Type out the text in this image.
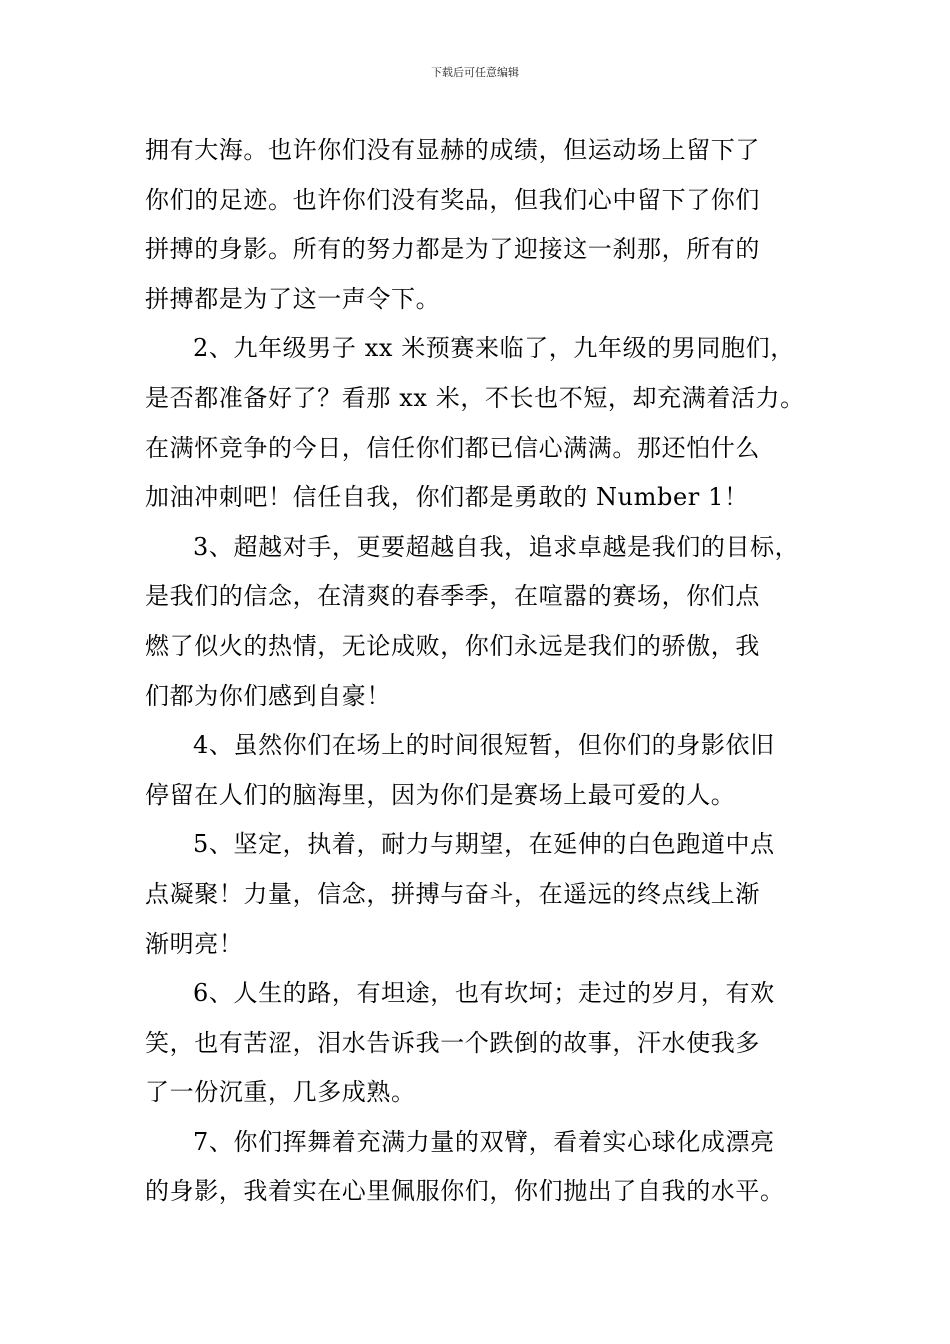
下载后可任意编辑

拥有大海。也许你们没有显赫的成绩，但运动场上留下了
你们的足迹。也许你们没有奖品，但我们心中留下了你们
拼搏的身影。所有的努力都是为了迎接这一刹那，所有的
拼搏都是为了这一声令下。

2、九年级男子 xx 米预赛来临了，九年级的男同胞们，
是否都准备好了？看那 xx 米，不长也不短，却充满着活力。
在满怀竞争的今日，信任你们都已信心满满。那还怕什么
加油冲刺吧！信任自我，你们都是勇敢的 Number 1！

3、超越对手，更要超越自我，追求卓越是我们的目标，
是我们的信念，在清爽的春季季，在喧嚣的赛场，你们点
燃了似火的热情，无论成败，你们永远是我们的骄傲，我
们都为你们感到自豪！

4、虽然你们在场上的时间很短暂，但你们的身影依旧
停留在人们的脑海里，因为你们是赛场上最可爱的人。

5、坚定，执着，耐力与期望，在延伸的白色跑道中点
点凝聚！力量，信念，拼搏与奋斗，在遥远的终点线上渐
渐明亮！

6、人生的路，有坦途，也有坎坷；走过的岁月，有欢
笑，也有苦涩，泪水告诉我一个跌倒的故事，汗水使我多
了一份沉重，几多成熟。

7、你们挥舞着充满力量的双臂，看着实心球化成漂亮
的身影，我着实在心里佩服你们，你们抛出了自我的水平。
